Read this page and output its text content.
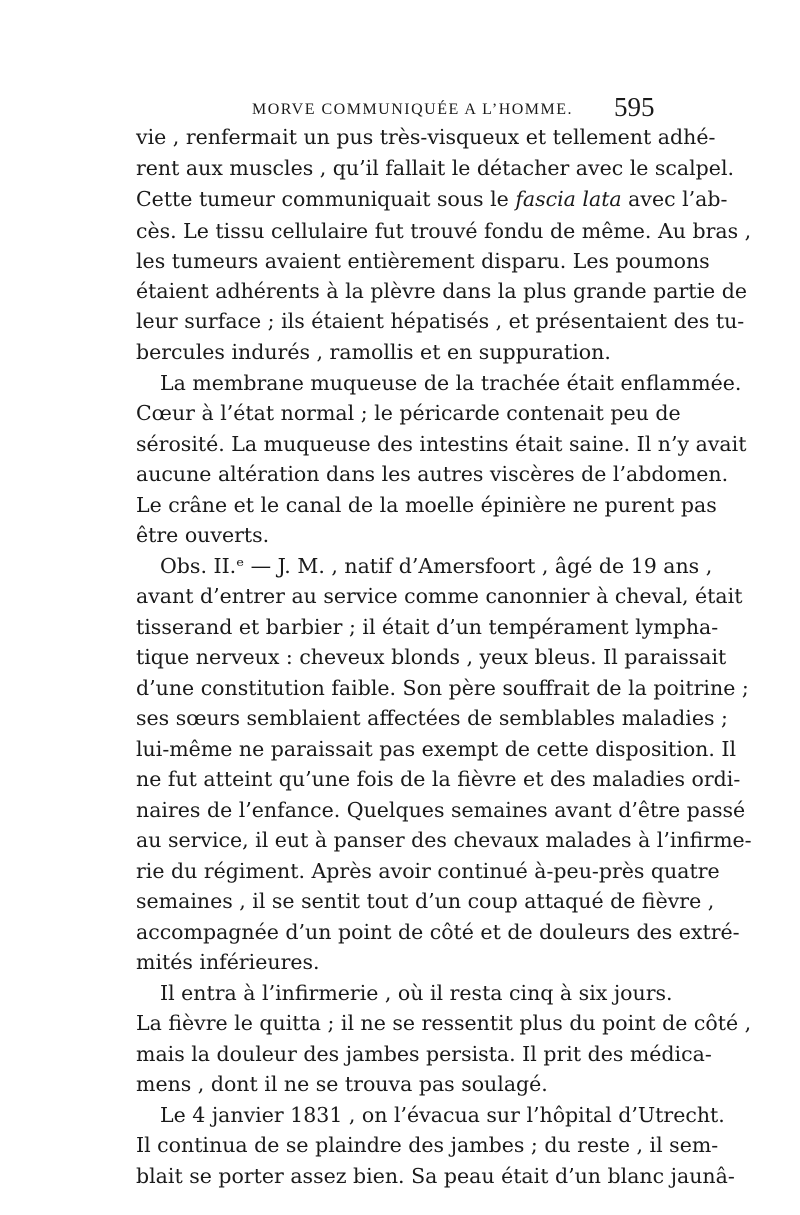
MORVE COMMUNIQUÉE A L’HOMME. 595
vie , renfermait un pus très-visqueux et tellement adhé-
rent aux muscles , qu’il fallait le détacher avec le scalpel.
Cette tumeur communiquait sous le fascia lata avec l’ab-
cès. Le tissu cellulaire fut trouvé fondu de même. Au bras ,
les tumeurs avaient entièrement disparu. Les poumons
étaient adhérents à la plèvre dans la plus grande partie de
leur surface ; ils étaient hépatisés , et présentaient des tu-
bercules indurés , ramollis et en suppuration.
La membrane muqueuse de la trachée était enflammée.
Cœur à l’état normal ; le péricarde contenait peu de
sérosité. La muqueuse des intestins était saine. Il n’y avait
aucune altération dans les autres viscères de l’abdomen.
Le crâne et le canal de la moelle épinière ne purent pas
être ouverts.
Obs. II.ᵉ — J. M. , natif d’Amersfoort , âgé de 19 ans ,
avant d’entrer au service comme canonnier à cheval, était
tisserand et barbier ; il était d’un tempérament lympha-
tique nerveux : cheveux blonds , yeux bleus. Il paraissait
d’une constitution faible. Son père souffrait de la poitrine ;
ses sœurs semblaient affectées de semblables maladies ;
lui-même ne paraissait pas exempt de cette disposition. Il
ne fut atteint qu’une fois de la fièvre et des maladies ordi-
naires de l’enfance. Quelques semaines avant d’être passé
au service, il eut à panser des chevaux malades à l’infirme-
rie du régiment. Après avoir continué à-peu-près quatre
semaines , il se sentit tout d’un coup attaqué de fièvre ,
accompagnée d’un point de côté et de douleurs des extré-
mités inférieures.
Il entra à l’infirmerie , où il resta cinq à six jours.
La fièvre le quitta ; il ne se ressentit plus du point de côté ,
mais la douleur des jambes persista. Il prit des médica-
mens , dont il ne se trouva pas soulagé.
Le 4 janvier 1831 , on l’évacua sur l’hôpital d’Utrecht.
Il continua de se plaindre des jambes ; du reste , il sem-
blait se porter assez bien. Sa peau était d’un blanc jaunâ-
